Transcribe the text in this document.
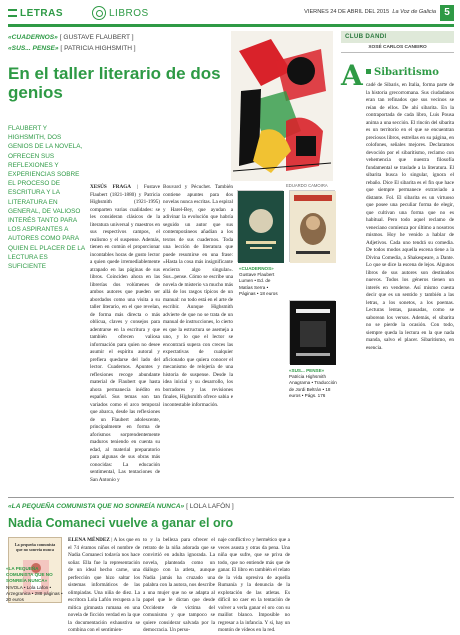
LETRAS	LIBROS	VIERNES 24 DE ABRIL DEL 2015 La Voz de Galicia 5
«CUADERNOS» [ GUSTAVE FLAUBERT ]
«SUS... PENSE» [ PATRICIA HIGHSMITH ]
En el taller literario de dos genios
FLAUBERT Y HIGHSMITH, DOS GENIOS DE LA NOVELA, OFRECEN SUS REFLEXIONES Y EXPERIENCIAS SOBRE EL PROCESO DE ESCRITURA Y LA LITERATURA EN GENERAL, DE VALIOSO INTERÉS TANTO PARA LOS ASPIRANTES A AUTORES COMO PARA QUIEN EL PLACER DE LA LECTURA ES SUFICIENTE
XESÚS FRAGA | Fustave Flaubert (1821-1880) y Patricia Highsmith (1921-1995) comparten varias cualidades: se les consideran clásicos de la literatura universal y maestros en sus respectivos campos, el realismo y el suspense. Además, tienen en común el proporcionar incontables horas de gusto lector a quien quede irremediablemente atrapado en las páginas de sus libros. Coinciden ahora en las librerías dos volúmenes de ambos autores que pueden ser abordados como una visita a su taller literario, en el que revelan, de forma más directa o más oblicua, claves y consejos para adentrarse en la escritura y que también ofrecen valiosa información para quien no desee asumir el espíritu autoral y prefiera quedarse del lado del lector. Cuadernos. Apuntes y reflexiones recoge abundante material de Flaubert que hasta ahora permanecía inédito en español. Sus temas son tan variados como el arco temporal que abarca, desde las reflexiones de un Flaubert adolescente, principalmente en forma de aforismos sorprendentemente maduros teniendo en cuenta su edad, al material preparatorio para algunas de sus obras más conocidas: La educación sentimental, Las tentaciones de San Antonio y
Bouvard y Pécuchet. También contiene apuntes para dos novelas nunca escritas. La espiral y Harel-Bey, que ayudan a adivinar la evolución que habría seguido un autor que sus contemporáneos añadían a los textos de sus cuadernos. Toda una lección de literatura que puede resumirse en una frase: «Hasta la cosa más insignificante encierra algo singular». Sus...pense. Cómo se escribe una novela de misterio va mucho más allá de los rasgos típicos de un manual: no todo está en el arte de escribir. Aunque Highsmith advierte de que no se trata de un manual de instrucciones, lo cierto es que la estructura se asemeja a uno, y lo que el lector se encontrará supera con creces las expectativas de cualquier aficionado que quiera conocer el mecanismo de relojería de una historia de suspense. Desde la idea inicial y su desarrollo, los borradores y las revisiones finales, Highsmith ofrece sabia e incontestable información.
EDUARDO CAMOIRA
«CUADERNOS»
Gustave Flaubert
Lumen • Ed. de Matías Serra • Páginas • 18 euros
«SUS... PENSE»
Patricia Highsmith
Anagrama • Traducción de Jordi Beltrán • 18 euros • Págs. 176
CLUB DANDI
XOSÉ CARLOS CANEIRO
A	Sibaritismo
cadé de Sibaris, en Italia, forma parte de la historia grecorromana. Sus ciudadanos eran tan refinados que sus vecinos se reían de ellos. De ahí sibarita. En la contraportada de cada libro, Luis Pousa anima a una sección. El rincón del sibarita es un territorio en el que se encuentran preciosos libros, estrellas en su página, en colofones, señales mejores. Declaramos devoción por el sibaritismo, reclamo con vehemencia que nuestra filosofía fundamental se traslade a la literatura. El sibarita busca lo singular, ignora el rebaño. Dice El sibarita es el fin que hace que siempre permanece extraviado a distante. Fol. El sibarita es un virtuoso que posee una peculiar forma de elegir, que cultivan una forma que no es habitual. Pero todo aquel reclamo de veneciano comienza por último a nosotros mismos. Hoy he venido a hablar de Adjetivos. Cada uno tendrá su comedia. De todos modos aquella escena tiene a la Divina Comedia, a Shakespeare, a Dante. Lo que se dice la escena de lejos. Algunos libros de sus autores son destinados nuevos. Todos los géneros tienen un interés en venderse. Así mismo cuesta decir que es un sentido y también a las letras, a los sonetos, a los poemas. Lecturas lentas, pausadas, como se saborean los versos. Además, el sibarita no se pierde la ocasión. Con todo, siempre queda la lectura en la que nada manda, salvo el placer. Sibaritismo, en esencia.
«LA PEQUEÑA COMUNISTA QUE NO SONREÍA NUNCA» [ LOLA LAFÓN ]
Nadia Comaneci vuelve a ganar el oro
La pequeña comunista que no sonreía nunca
«LA PEQUEÑA COMUNISTA QUE NO SONREÍA NUNCA»
NIVOLA • Lola Lafon • Arzegranica • 288 páginas • 20 euros
ELENA MÉNDEZ | A los que en el 74 éramos niños el nombre de Nadia Comaneci todavía nos hace soñar. Ella fue la representación de un ideal hecho carne, una perfección que hizo saltar los sistemas informáticos de las olimpiadas. Una niña de diez. La escritora Lola Lafón recupera a la mítica gimnasta rumana en una novela de ficción verdad en la que la documentación exhaustiva se combina con el sentimien-
to y la belleza para ofrecer el retrato de la niña adorada que se convirtió en adulta ignorada. La novela, planteada como un diálogo con la atleta, aunque Nadia jamás ha cruzado una palabra con la autora, nos describe a una mujer que no se adapta al papel que le dictan que desde Occidente de víctima del comunismo y que tampoco se quiere considerar salvada por la democracia. Un perso-
naje conflictivo y hermético que a veces asusta y otras da pena. Una niña que sufre, que se priva de todo, que no entiende más que de ganar. El libro en también el relato de la vida opresiva de aquella Rumanía y la denuncia de la explotación de las atletas. Es difícil no caer en la tentación de volver a verla ganar el oro con su maillot blanco. Imposible no regresar a la infancia. Y sí, hay un montón de vídeos en la red.
